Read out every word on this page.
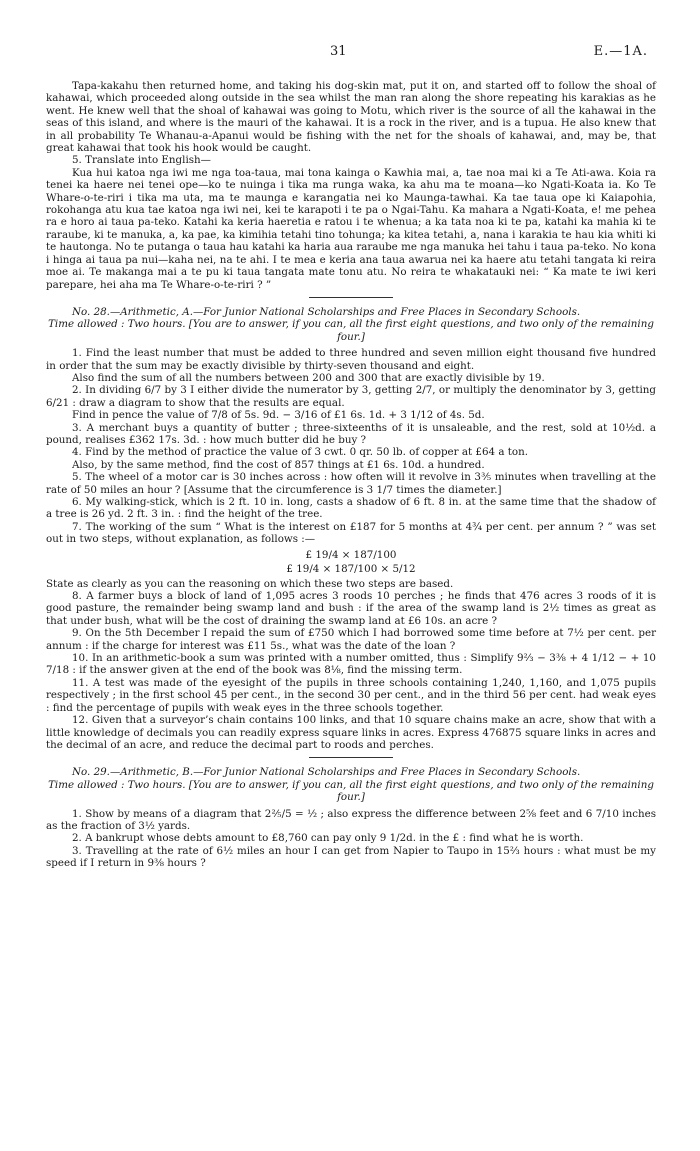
31	E.—1A.

Tapa-kakahu then returned home, and taking his dog-skin mat, put it on, and started off to follow the shoal of kahawai, which proceeded along outside in the sea whilst the man ran along the shore repeating his karakias as he went. He knew well that the shoal of kahawai was going to Motu, which river is the source of all the kahawai in the seas of this island, and where is the mauri of the kahawai. It is a rock in the river, and is a tupua. He also knew that in all probability Te Whanau-a-Apanui would be fishing with the net for the shoals of kahawai, and, may be, that great kahawai that took his hook would be caught.

5. Translate into English—

Kua hui katoa nga iwi me nga toa-taua, mai tona kainga o Kawhia mai, a, tae noa mai ki a Te Ati-awa. Koia ra tenei ka haere nei tenei ope—ko te nuinga i tika ma runga waka, ka ahu ma te moana—ko Ngati-Koata ia. Ko Te Whare-o-te-riri i tika ma uta, ma te maunga e karangatia nei ko Maunga-tawhai. Ka tae taua ope ki Kaiapohia, rokohanga atu kua tae katoa nga iwi nei, kei te karapoti i te pa o Ngai-Tahu. Ka mahara a Ngati-Koata, e! me pehea ra e horo ai taua pa-teko. Katahi ka keria haeretia e ratou i te whenua; a ka tata noa ki te pa, katahi ka mahia ki te raraubе, ki te manuka, a, ka pae, ka kimihia tetahi tino tohunga; ka kitea tetahi, a, nana i karakia te hau kia whiti ki te hautonga. No te putanga o taua hau katahi ka haria aua raraube me nga manuka hei tahu i taua pa-teko. No kona i hinga ai taua pa nui—kaha nei, na te ahi. I te mea e keria ana taua awarua nei ka haere atu tetahi tangata ki reira moe ai. Te makanga mai a te pu ki taua tangata mate tonu atu. No reira te whakatauki nei: “ Ka mate te iwi keri parepare, hei aha ma Te Whare-o-te-riri ? ”

No. 28.—Arithmetic, A.—For Junior National Scholarships and Free Places in Secondary Schools.

Time allowed : Two hours. [You are to answer, if you can, all the first eight questions, and two only of the remaining four.]

1. Find the least number that must be added to three hundred and seven million eight thousand five hundred in order that the sum may be exactly divisible by thirty-seven thousand and eight.

Also find the sum of all the numbers between 200 and 300 that are exactly divisible by 19.

2. In dividing 6/7 by 3 I either divide the numerator by 3, getting 2/7, or multiply the denominator by 3, getting 6/21 : draw a diagram to show that the results are equal.

Find in pence the value of 7/8 of 5s. 9d. − 3/16 of £1 6s. 1d. + 3 1/12 of 4s. 5d.

3. A merchant buys a quantity of butter ; three-sixteenths of it is unsaleable, and the rest, sold at 10½d. a pound, realises £362 17s. 3d. : how much butter did he buy ?

4. Find by the method of practice the value of 3 cwt. 0 qr. 50 lb. of copper at £64 a ton.

Also, by the same method, find the cost of 857 things at £1 6s. 10d. a hundred.

5. The wheel of a motor car is 30 inches across : how often will it revolve in 3⅗ minutes when travelling at the rate of 50 miles an hour ? [Assume that the circumference is 3 1/7 times the diameter.]

6. My walking-stick, which is 2 ft. 10 in. long, casts a shadow of 6 ft. 8 in. at the same time that the shadow of a tree is 26 yd. 2 ft. 3 in. : find the height of the tree.

7. The working of the sum “ What is the interest on £187 for 5 months at 4¾ per cent. per annum ? ” was set out in two steps, without explanation, as follows :—

£ 19/4 × 187/100
£ 19/4 × 187/100 × 5/12

State as clearly as you can the reasoning on which these two steps are based.

8. A farmer buys a block of land of 1,095 acres 3 roods 10 perches ; he finds that 476 acres 3 roods of it is good pasture, the remainder being swamp land and bush : if the area of the swamp land is 2½ times as great as that under bush, what will be the cost of draining the swamp land at £6 10s. an acre ?

9. On the 5th December I repaid the sum of £750 which I had borrowed some time before at 7½ per cent. per annum : if the charge for interest was £11 5s., what was the date of the loan ?

10. In an arithmetic-book a sum was printed with a number omitted, thus : Simplify 9⅔ − 3⅜ + 4 1/12 − + 10 7/18 : if the answer given at the end of the book was 8⅛, find the missing term.

11. A test was made of the eyesight of the pupils in three schools containing 1,240, 1,160, and 1,075 pupils respectively ; in the first school 45 per cent., in the second 30 per cent., and in the third 56 per cent. had weak eyes : find the percentage of pupils with weak eyes in the three schools together.

12. Given that a surveyor’s chain contains 100 links, and that 10 square chains make an acre, show that with a little knowledge of decimals you can readily express square links in acres. Express 476875 square links in acres and the decimal of an acre, and reduce the decimal part to roods and perches.

No. 29.—Arithmetic, B.—For Junior National Scholarships and Free Places in Secondary Schools.

Time allowed : Two hours. [You are to answer, if you can, all the first eight questions, and two only of the remaining four.]

1. Show by means of a diagram that 2⅖/5 = ½ ; also express the difference between 2⅝ feet and 6 7/10 inches as the fraction of 3½ yards.

2. A bankrupt whose debts amount to £8,760 can pay only 9 1/2d. in the £ : find what he is worth.

3. Travelling at the rate of 6½ miles an hour I can get from Napier to Taupo in 15⅔ hours : what must be my speed if I return in 9⅜ hours ?
